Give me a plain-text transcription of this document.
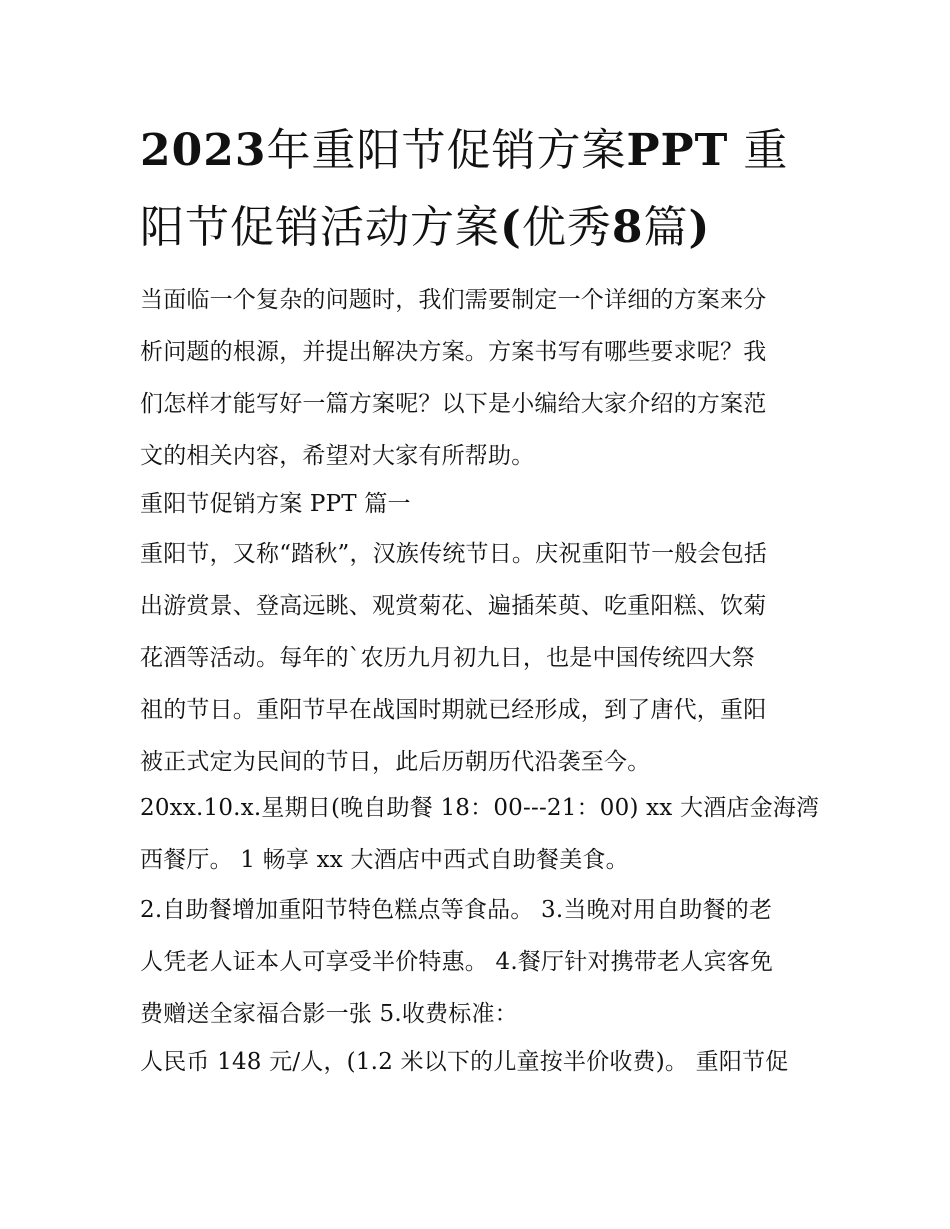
2023年重阳节促销方案PPT 重
阳节促销活动方案(优秀8篇)
当面临一个复杂的问题时，我们需要制定一个详细的方案来分
析问题的根源，并提出解决方案。方案书写有哪些要求呢？我
们怎样才能写好一篇方案呢？以下是小编给大家介绍的方案范
文的相关内容，希望对大家有所帮助。
重阳节促销方案 PPT 篇一
重阳节，又称“踏秋”，汉族传统节日。庆祝重阳节一般会包括
出游赏景、登高远眺、观赏菊花、遍插茱萸、吃重阳糕、饮菊
花酒等活动。每年的`农历九月初九日，也是中国传统四大祭
祖的节日。重阳节早在战国时期就已经形成，到了唐代，重阳
被正式定为民间的节日，此后历朝历代沿袭至今。
20xx.10.x.星期日(晚自助餐 18：00---21：00) xx 大酒店金海湾
西餐厅。 1 畅享 xx 大酒店中西式自助餐美食。
2.自助餐增加重阳节特色糕点等食品。 3.当晚对用自助餐的老
人凭老人证本人可享受半价特惠。 4.餐厅针对携带老人宾客免
费赠送全家福合影一张 5.收费标准：
人民币 148 元/人，(1.2 米以下的儿童按半价收费)。 重阳节促
